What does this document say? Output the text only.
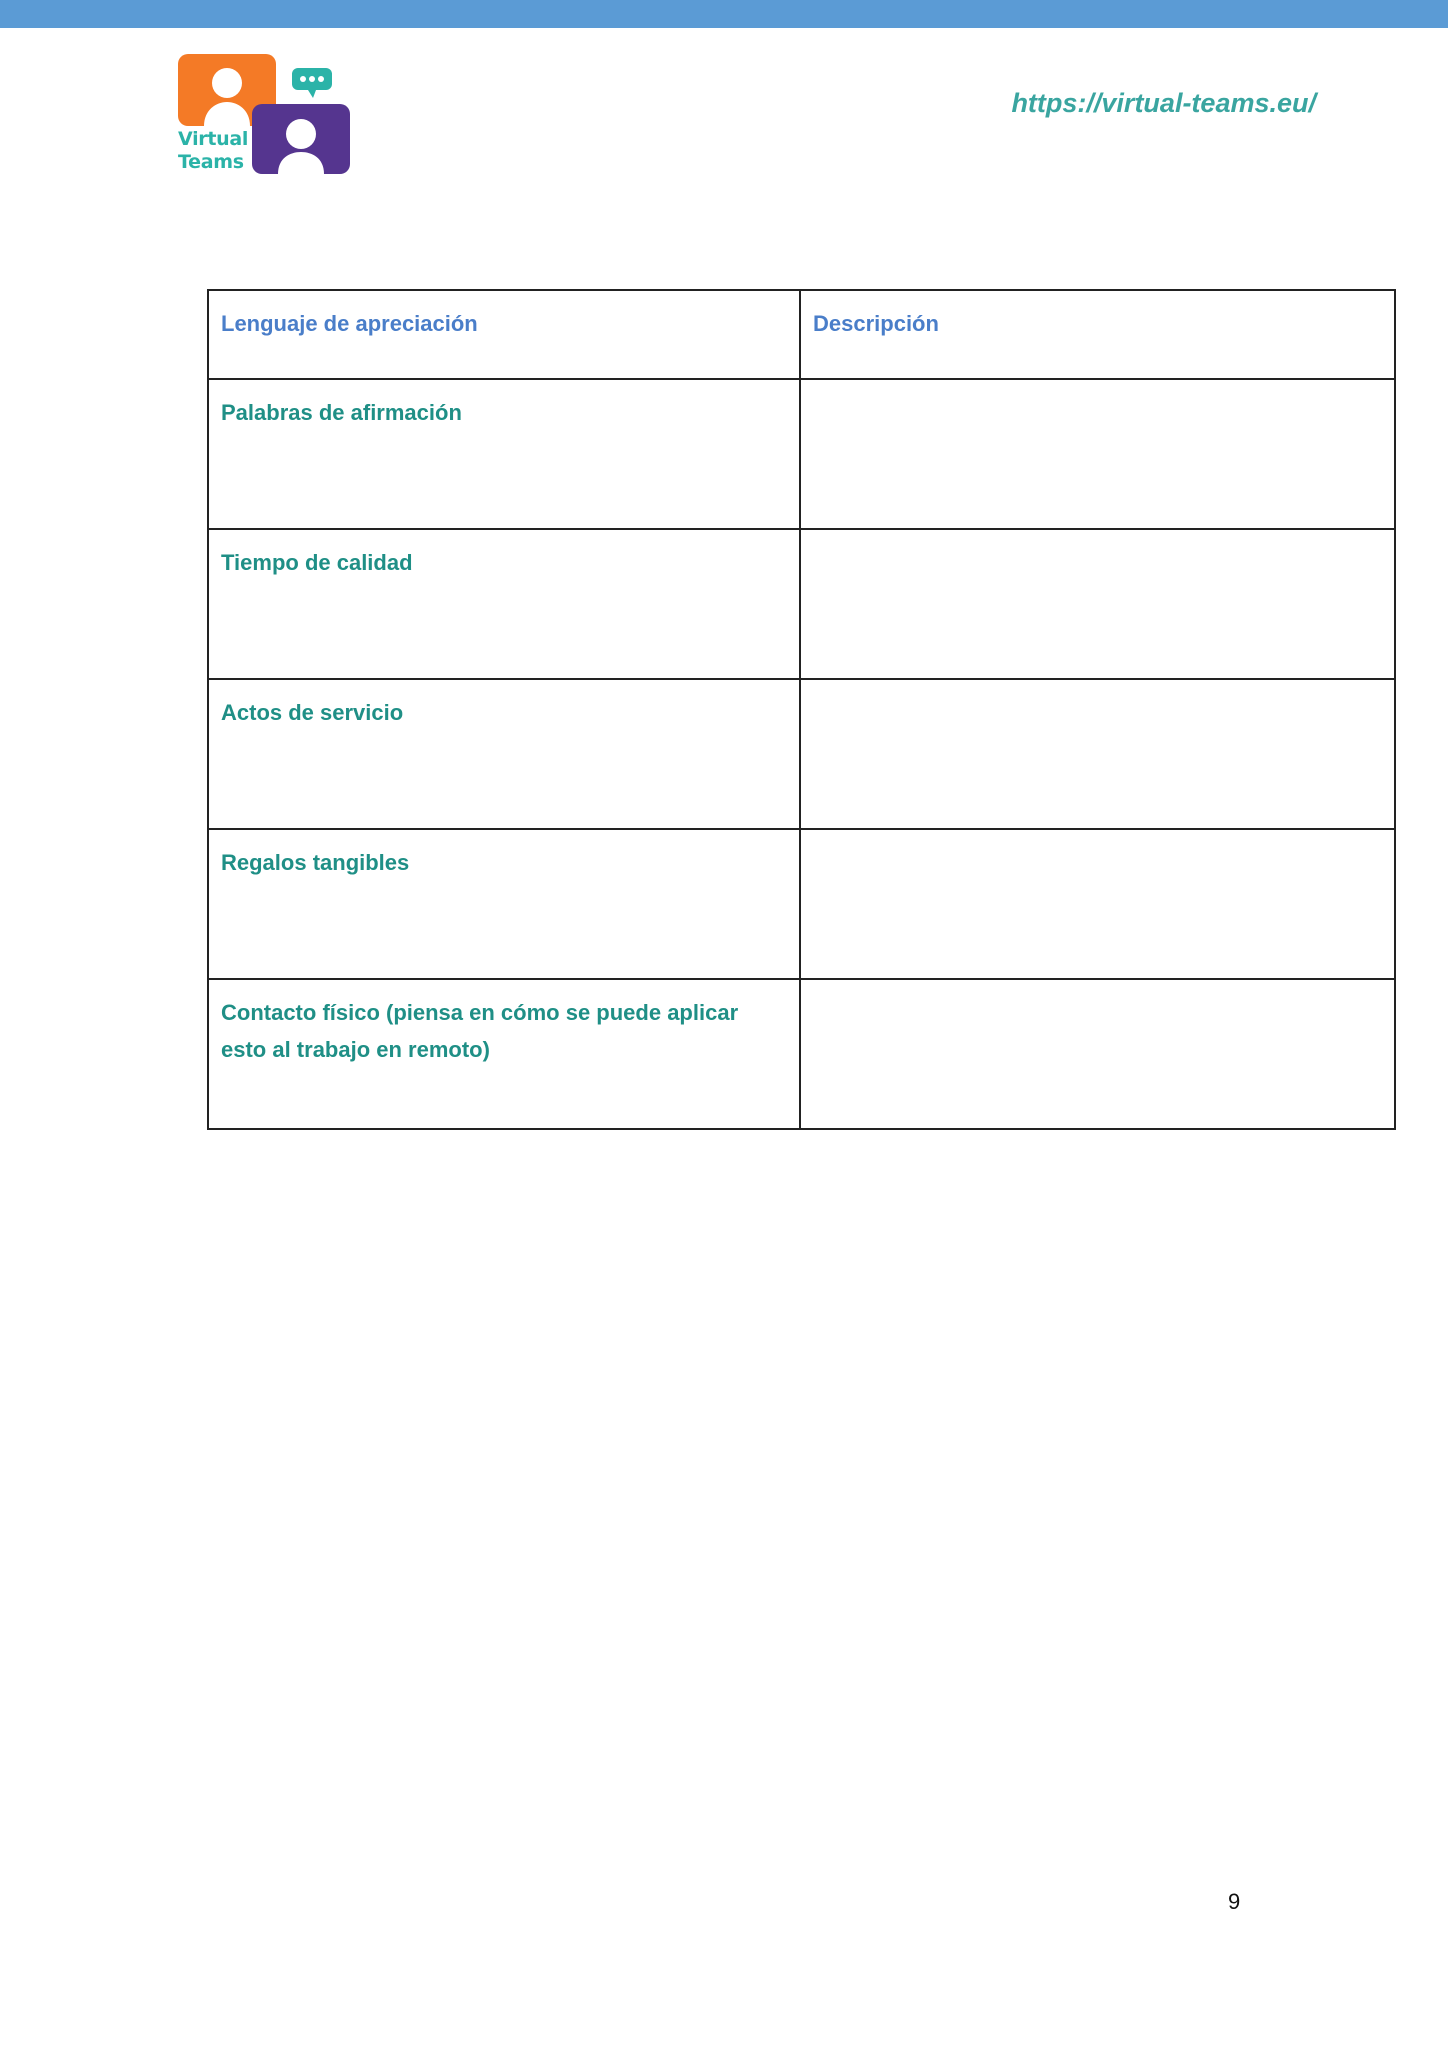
Virtual
Teams
https://virtual-teams.eu/
Lenguaje de apreciación	Descripción
Palabras de afirmación	
Tiempo de calidad	
Actos de servicio	
Regalos tangibles	
Contacto físico (piensa en cómo se puede aplicar esto al trabajo en remoto)	
9
